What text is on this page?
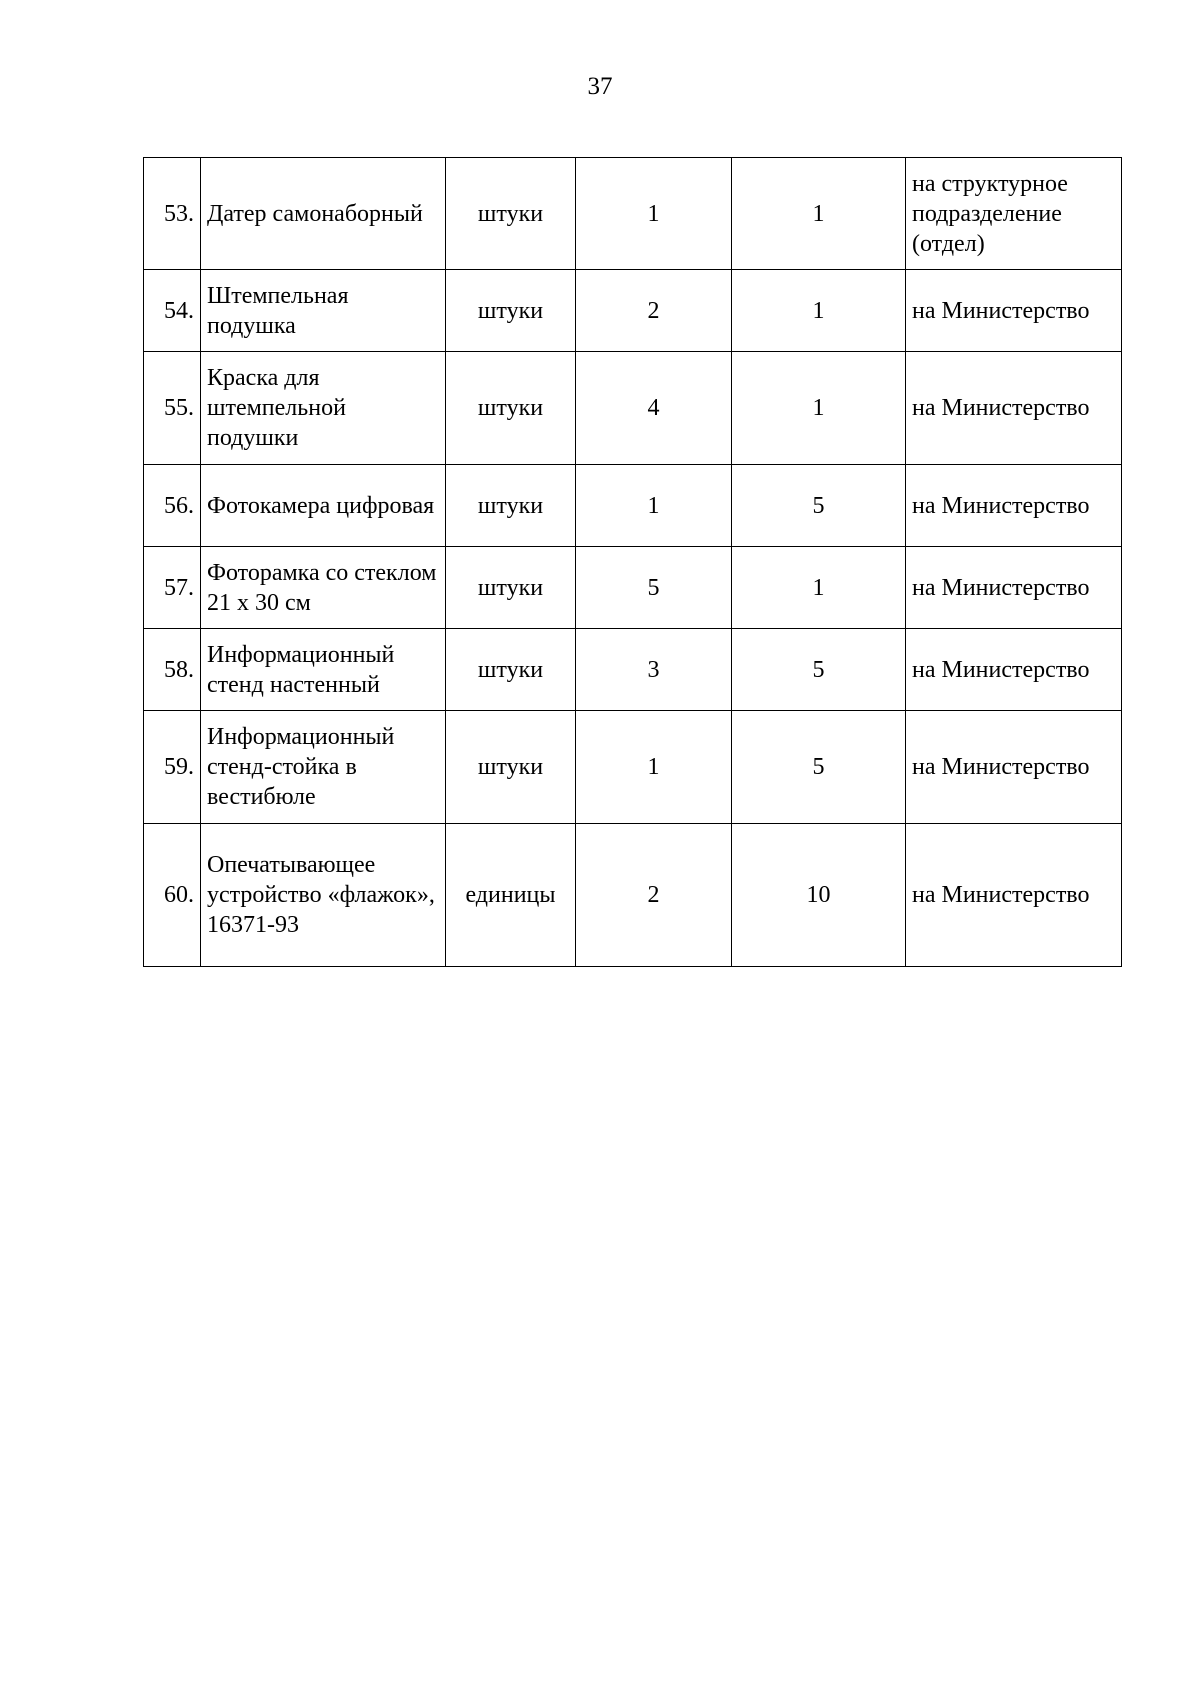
37
53.	Датер самонаборный	штуки	1	1	на структурное подразделение (отдел)
54.	Штемпельная подушка	штуки	2	1	на Министерство
55.	Краска для штемпельной подушки	штуки	4	1	на Министерство
56.	Фотокамера цифровая	штуки	1	5	на Министерство
57.	Фоторамка со стеклом 21 х 30 см	штуки	5	1	на Министерство
58.	Информационный стенд настенный	штуки	3	5	на Министерство
59.	Информационный стенд-стойка в вестибюле	штуки	1	5	на Министерство
60.	Опечатывающее устройство «флажок», 16371-93	единицы	2	10	на Министерство
